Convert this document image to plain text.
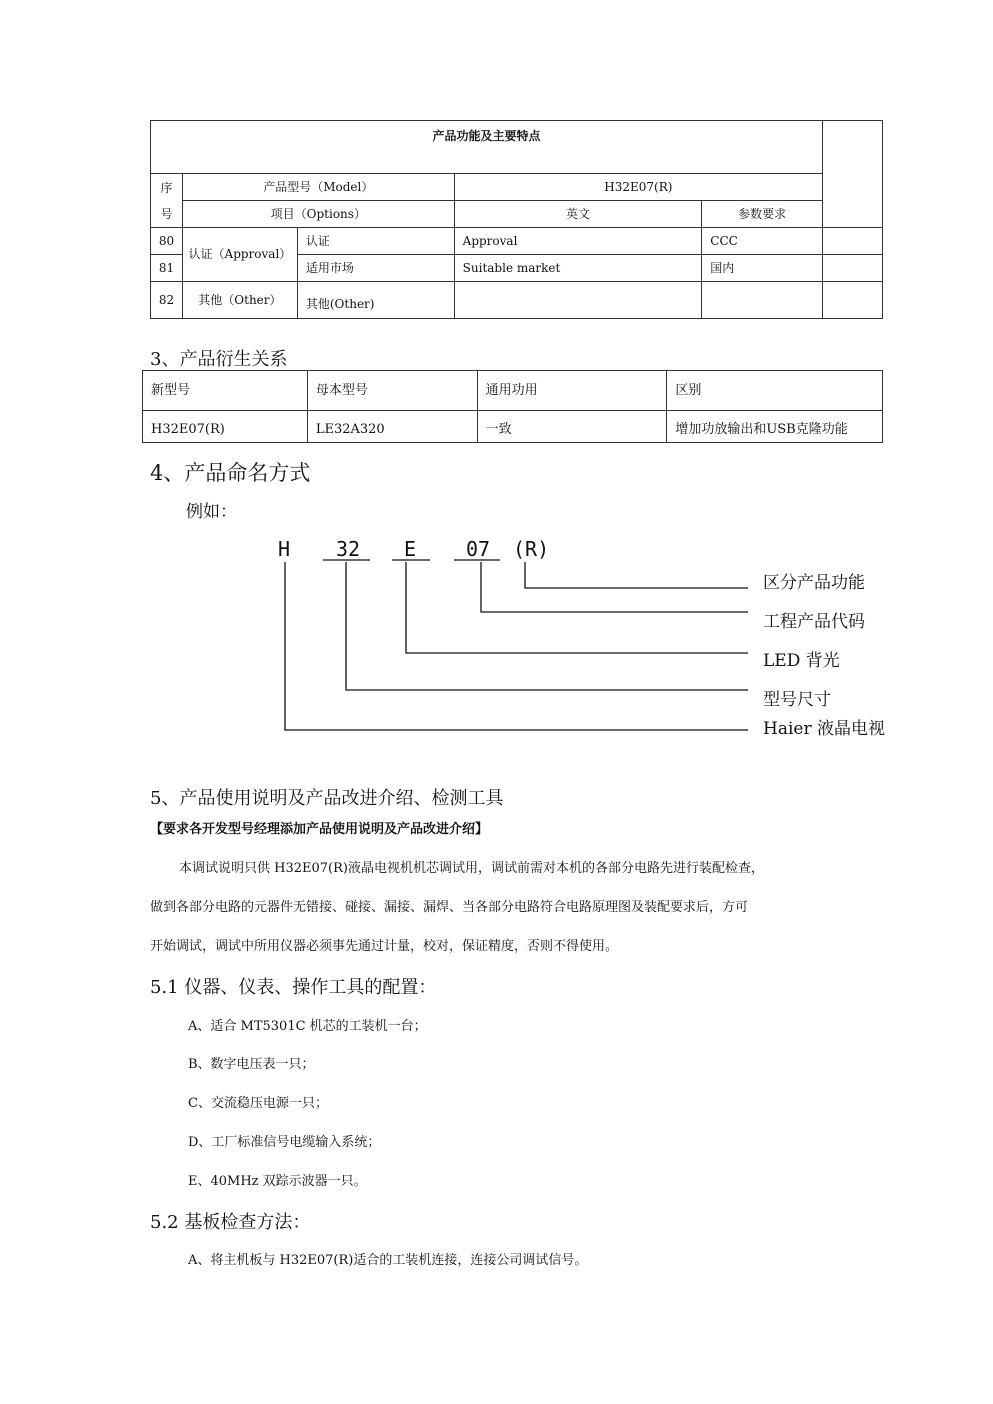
产品功能及主要特点					

序
号	产品型号（Model）		H32E07(R)		
	项目（Options）		英文	参数要求	
80	认证（Approval）	认证	Approval	CCC	
81		适用市场	Suitable market	国内	
82	其他（Other）	其他(Other)			
3、产品衍生关系
新型号	母本型号	通用功用	区别
H32E07(R)	LE32A320	一致	增加功放输出和USB克隆功能
4、产品命名方式
例如：
H 32 E 07 (R)
区分产品功能
工程产品代码
LED 背光
型号尺寸
Haier 液晶电视
5、产品使用说明及产品改进介绍、检测工具
【要求各开发型号经理添加产品使用说明及产品改进介绍】
本调试说明只供 H32E07(R)液晶电视机机芯调试用，调试前需对本机的各部分电路先进行装配检查，
做到各部分电路的元器件无错接、碰接、漏接、漏焊、当各部分电路符合电路原理图及装配要求后，方可
开始调试，调试中所用仪器必须事先通过计量，校对，保证精度，否则不得使用。
5.1 仪器、仪表、操作工具的配置：
A、适合 MT5301C 机芯的工装机一台；
B、数字电压表一只；
C、交流稳压电源一只；
D、工厂标准信号电缆输入系统；
E、40MHz 双踪示波器一只。
5.2 基板检查方法：
A、将主机板与 H32E07(R)适合的工装机连接，连接公司调试信号。
